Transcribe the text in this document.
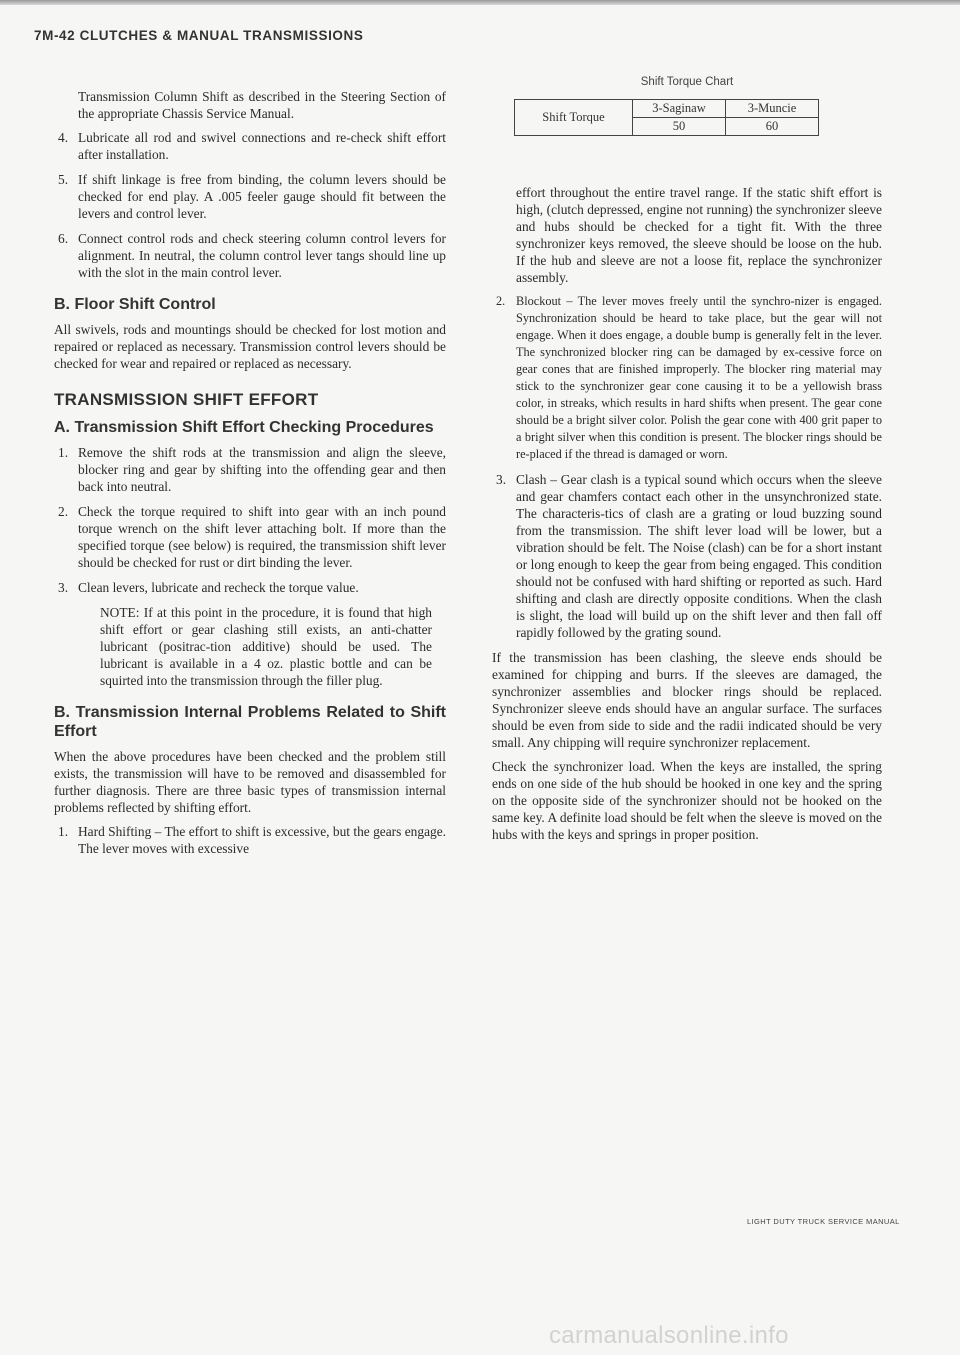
7M-42 CLUTCHES & MANUAL TRANSMISSIONS

Transmission Column Shift as described in the Steering Section of the appropriate Chassis Service Manual.

4. Lubricate all rod and swivel connections and re-check shift effort after installation.
5. If shift linkage is free from binding, the column levers should be checked for end play. A .005 feeler gauge should fit between the levers and control lever.
6. Connect control rods and check steering column control levers for alignment. In neutral, the column control lever tangs should line up with the slot in the main control lever.
B. Floor Shift Control

All swivels, rods and mountings should be checked for lost motion and repaired or replaced as necessary. Transmission control levers should be checked for wear and repaired or replaced as necessary.

TRANSMISSION SHIFT EFFORT
A. Transmission Shift Effort Checking Procedures
1. Remove the shift rods at the transmission and align the sleeve, blocker ring and gear by shifting into the offending gear and then back into neutral.
2. Check the torque required to shift into gear with an inch pound torque wrench on the shift lever attaching bolt. If more than the specified torque (see below) is required, the transmission shift lever should be checked for rust or dirt binding the lever.
3. Clean levers, lubricate and recheck the torque value.

NOTE: If at this point in the procedure, it is found that high shift effort or gear clashing still exists, an anti-chatter lubricant (positrac-tion additive) should be used. The lubricant is available in a 4 oz. plastic bottle and can be squirted into the transmission through the filler plug.

B. Transmission Internal Problems Related to Shift Effort

When the above procedures have been checked and the problem still exists, the transmission will have to be removed and disassembled for further diagnosis. There are three basic types of transmission internal problems reflected by shifting effort.

1. Hard Shifting – The effort to shift is excessive, but the gears engage. The lever moves with excessive
Shift Torque Chart
Shift Torque	3-Saginaw	3-Muncie
	50	60

effort throughout the entire travel range. If the static shift effort is high, (clutch depressed, engine not running) the synchronizer sleeve and hubs should be checked for a tight fit. With the three synchronizer keys removed, the sleeve should be loose on the hub. If the hub and sleeve are not a loose fit, replace the synchronizer assembly.

2. Blockout – The lever moves freely until the synchro-nizer is engaged. Synchronization should be heard to take place, but the gear will not engage. When it does engage, a double bump is generally felt in the lever. The synchronized blocker ring can be damaged by ex-cessive force on gear cones that are finished improperly. The blocker ring material may stick to the synchronizer gear cone causing it to be a yellowish brass color, in streaks, which results in hard shifts when present. The gear cone should be a bright silver color. Polish the gear cone with 400 grit paper to a bright silver when this condition is present. The blocker rings should be re-placed if the thread is damaged or worn.
3. Clash – Gear clash is a typical sound which occurs when the sleeve and gear chamfers contact each other in the unsynchronized state. The characteris-tics of clash are a grating or loud buzzing sound from the transmission. The shift lever load will be lower, but a vibration should be felt. The Noise (clash) can be for a short instant or long enough to keep the gear from being engaged. This condition should not be confused with hard shifting or reported as such. Hard shifting and clash are directly opposite conditions. When the clash is slight, the load will build up on the shift lever and then fall off rapidly followed by the grating sound.

If the transmission has been clashing, the sleeve ends should be examined for chipping and burrs. If the sleeves are damaged, the synchronizer assemblies and blocker rings should be replaced. Synchronizer sleeve ends should have an angular surface. The surfaces should be even from side to side and the radii indicated should be very small. Any chipping will require synchronizer replacement.

Check the synchronizer load. When the keys are installed, the spring ends on one side of the hub should be hooked in one key and the spring on the opposite side of the synchronizer should not be hooked on the same key. A definite load should be felt when the sleeve is moved on the hubs with the keys and springs in proper position.

LIGHT DUTY TRUCK SERVICE MANUAL
carmanualsonline.info
